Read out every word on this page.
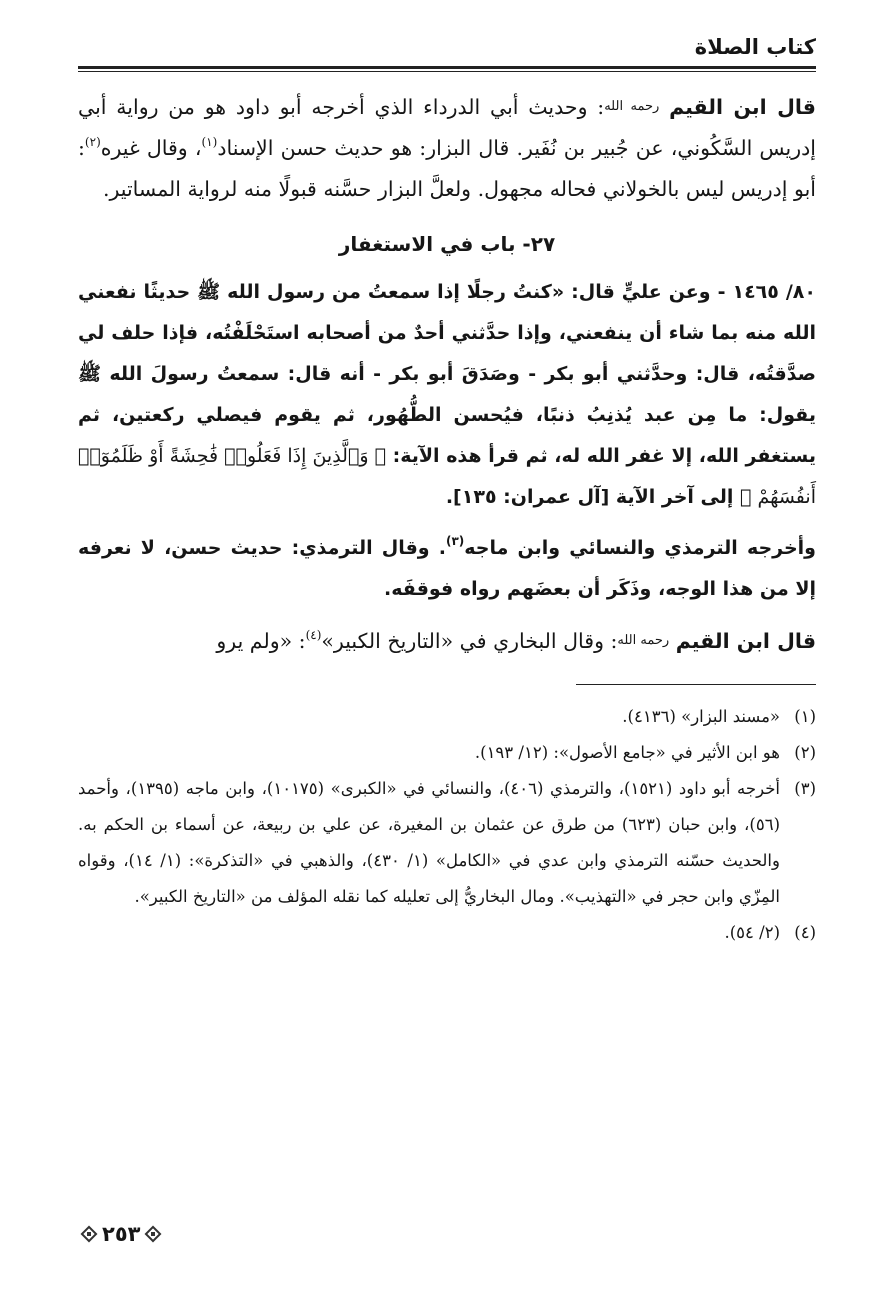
كتاب الصلاة

قال ابن القيم رحمه الله: وحديث أبي الدرداء الذي أخرجه أبو داود هو من رواية أبي إدريس السَّكُوني، عن جُبير بن نُفَير. قال البزار: هو حديث حسن الإسناد$^{(١)}$، وقال غيره$^{(٢)}$: أبو إدريس ليس بالخولاني فحاله مجهول. ولعلَّ البزار حسَّنه قبولًا منه لرواية المساتير.

٢٧- باب في الاستغفار

٨٠/ ١٤٦٥ - وعن عليٍّ قال: «كنتُ رجلًا إذا سمعتُ من رسول الله ﷺ حديثًا نفعني الله منه بما شاء أن ينفعني، وإذا حدَّثني أحدٌ من أصحابه استَحْلَفْتُه، فإذا حلف لي صدَّقتُه، قال: وحدَّثني أبو بكر - وصَدَقَ أبو بكر - أنه قال: سمعتُ رسولَ الله ﷺ يقول: ما مِن عبد يُذنِبُ ذنبًا، فيُحسن الطُّهُور، ثم يقوم فيصلي ركعتين، ثم يستغفر الله، إلا غفر الله له، ثم قرأ هذه الآية: ﴿ وَٱلَّذِينَ إِذَا فَعَلُوا۟ فَٰحِشَةً أَوْ ظَلَمُوٓا۟ أَنفُسَهُمْ ﴾ إلى آخر الآية [آل عمران: ١٣٥].

وأخرجه الترمذي والنسائي وابن ماجه$^{(٣)}$. وقال الترمذي: حديث حسن، لا نعرفه إلا من هذا الوجه، وذَكَر أن بعضَهم رواه فوقفَه.

قال ابن القيم رحمه الله: وقال البخاري في «التاريخ الكبير»$^{(٤)}$: «ولم يرو

(١)
«مسند البزار» (٤١٣٦).
(٢)
هو ابن الأثير في «جامع الأصول»: (١٢/ ١٩٣).
(٣)
أخرجه أبو داود (١٥٢١)، والترمذي (٤٠٦)، والنسائي في «الكبرى» (١٠١٧٥)، وابن ماجه (١٣٩٥)، وأحمد (٥٦)، وابن حبان (٦٢٣) من طرق عن عثمان بن المغيرة، عن علي بن ربيعة، عن أسماء بن الحكم به. والحديث حسّنه الترمذي وابن عدي في «الكامل» (١/ ٤٣٠)، والذهبي في «التذكرة»: (١/ ١٤)، وقواه المِزّي وابن حجر في «التهذيب». ومال البخاريُّ إلى تعليله كما نقله المؤلف من «التاريخ الكبير».
(٤)
(٢/ ٥٤).
٢٥٣
